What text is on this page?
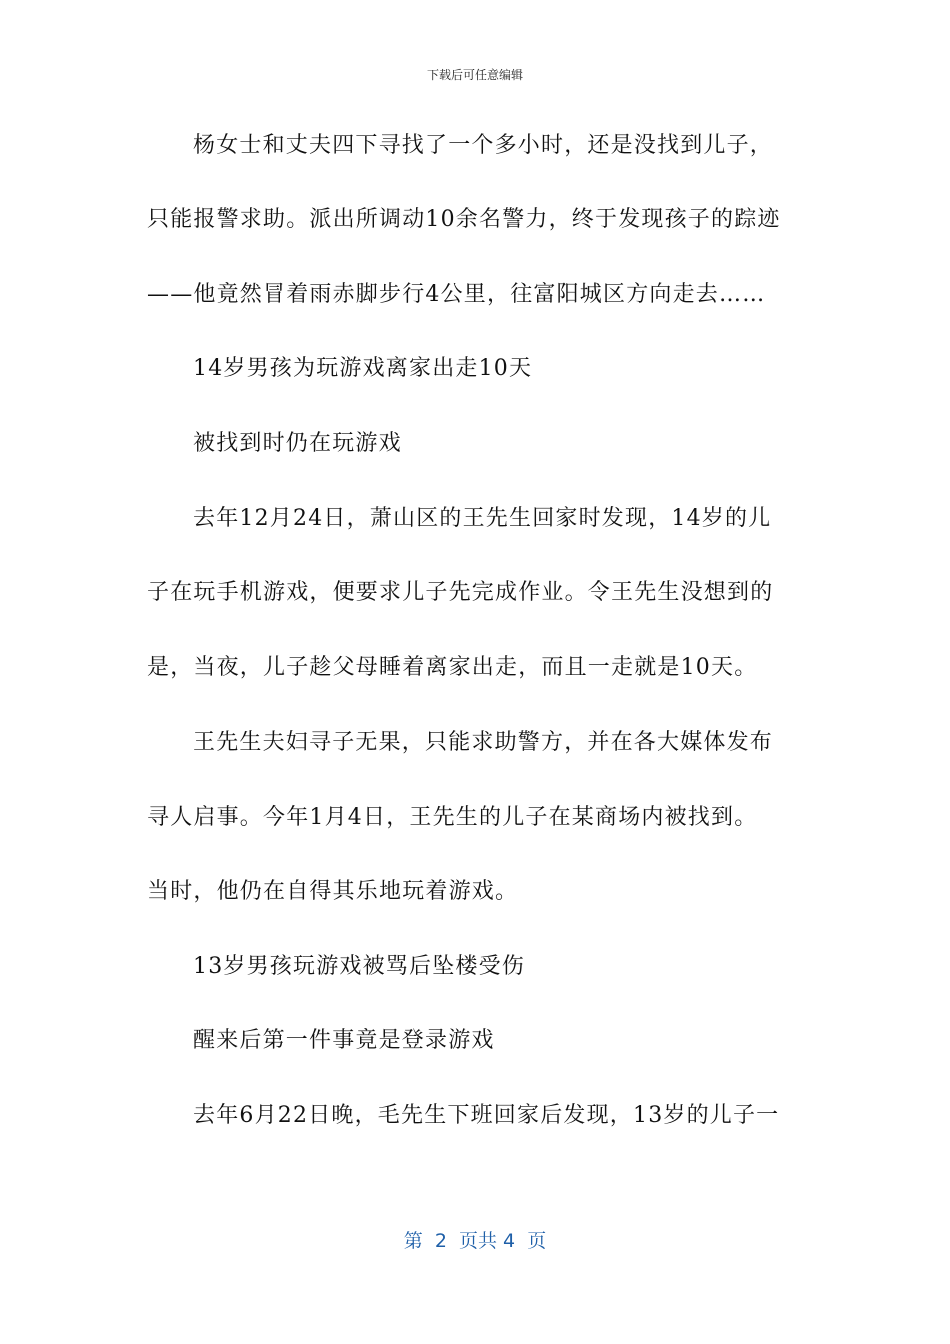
下载后可任意编辑
杨女士和丈夫四下寻找了一个多小时，还是没找到儿子，
只能报警求助。派出所调动10余名警力，终于发现孩子的踪迹
——他竟然冒着雨赤脚步行4公里，往富阳城区方向走去……
14岁男孩为玩游戏离家出走10天
被找到时仍在玩游戏
去年12月24日，萧山区的王先生回家时发现，14岁的儿
子在玩手机游戏，便要求儿子先完成作业。令王先生没想到的
是，当夜，儿子趁父母睡着离家出走，而且一走就是10天。
王先生夫妇寻子无果，只能求助警方，并在各大媒体发布
寻人启事。今年1月4日，王先生的儿子在某商场内被找到。
当时，他仍在自得其乐地玩着游戏。
13岁男孩玩游戏被骂后坠楼受伤
醒来后第一件事竟是登录游戏
去年6月22日晚，毛先生下班回家后发现，13岁的儿子一
第  2  页共 4  页
